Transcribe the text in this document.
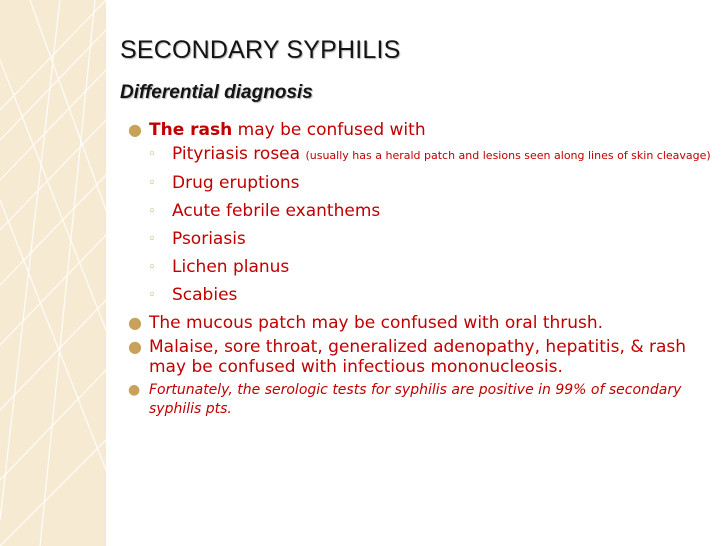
SECONDARY SYPHILIS
Differential diagnosis
● The rash may be confused with
◦ Pityriasis rosea (usually has a herald patch and lesions seen along lines of skin cleavage)
◦ Drug eruptions
◦ Acute febrile exanthems
◦ Psoriasis
◦ Lichen planus
◦ Scabies
● The mucous patch may be confused with oral thrush.
● Malaise, sore throat, generalized adenopathy, hepatitis, & rash may be confused with infectious mononucleosis.
● Fortunately, the serologic tests for syphilis are positive in 99% of secondary syphilis pts.
